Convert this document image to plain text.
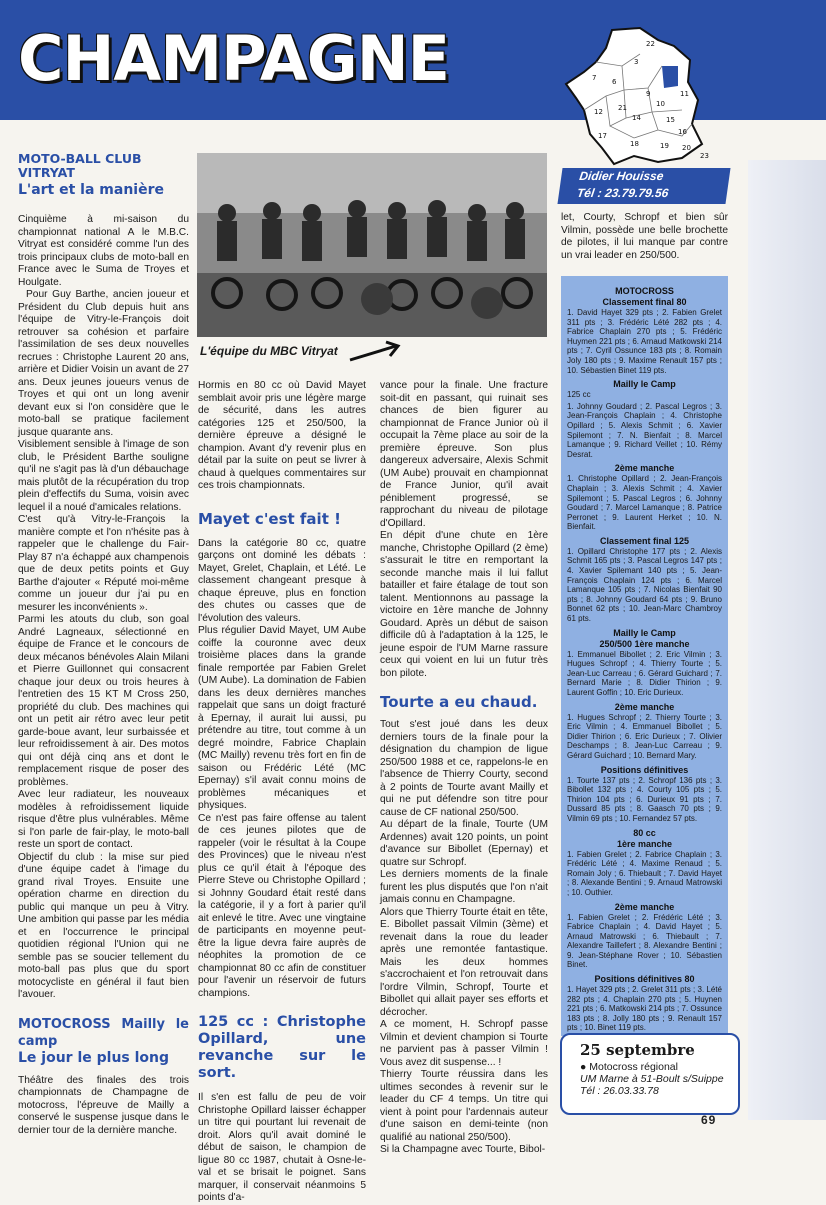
CHAMPAGNE	22
3
7 6
9
10
11
12 21
14	15
16
17
18	19 20
23
Didier Houisse
Tél : 23.79.79.56
MOTO-BALL CLUB
VITRYAT
L'art et la manière

Cinquième à mi-saison du championnat national A le M.B.C. Vitryat est considéré comme l'un des trois principaux clubs de moto-ball en France avec le Suma de Troyes et Houlgate.

Pour Guy Barthe, ancien joueur et Président du Club depuis huit ans l'équipe de Vitry-le-François doit retrouver sa cohésion et parfaire l'assimilation de ses deux nouvelles recrues : Christophe Laurent 20 ans, arrière et Didier Voisin un avant de 27 ans. Deux jeunes joueurs venus de Troyes et qui ont un long avenir devant eux si l'on considère que le moto-ball se pratique facilement jusque quarante ans.

Visiblement sensible à l'image de son club, le Président Barthe souligne qu'il ne s'agit pas là d'un débauchage mais plutôt de la récupération du trop plein d'effectifs du Suma, voisin avec lequel il a noué d'amicales relations.

C'est qu'à Vitry-le-François la manière compte et l'on n'hésite pas à rappeler que le challenge du Fair-Play 87 n'a échappé aux champenois que de deux petits points et Guy Barthe d'ajouter « Réputé moi-même comme un joueur dur j'ai pu en mesurer les inconvénients ».

Parmi les atouts du club, son goal André Lagneaux, sélectionné en équipe de France et le concours de deux mécanos bénévoles Alain Milani et Pierre Guillonnet qui consacrent chaque jour deux ou trois heures à l'entretien des 15 KT M Cross 250, propriété du club. Des machines qui ont un petit air rétro avec leur petit garde-boue avant, leur surbaissée et leur refroidissement à air. Des motos qui ont déjà cinq ans et dont le remplacement risque de poser des problèmes.

Avec leur radiateur, les nouveaux modèles à refroidissement liquide risque d'être plus vulnérables. Même si l'on parle de fair-play, le moto-ball reste un sport de contact.

Objectif du club : la mise sur pied d'une équipe cadet à l'image du grand rival Troyes. Ensuite une opération charme en direction du public qui manque un peu à Vitry. Une ambition qui passe par les média et en l'occurrence le principal quotidien régional l'Union qui ne semble pas se soucier tellement du moto-ball pas plus que du sport motocycliste en général il faut bien l'avouer.

MOTOCROSS Mailly le camp
Le jour le plus long

Théâtre des finales des trois championnats de Champagne de motocross, l'épreuve de Mailly a conservé le suspense jusque dans le dernier tour de la dernière manche.

L'équipe du MBC Vitryat

Hormis en 80 cc où David Mayet semblait avoir pris une légère marge de sécurité, dans les autres catégories 125 et 250/500, la dernière épreuve a désigné le champion. Avant d'y revenir plus en détail par la suite on peut se livrer à chaud à quelques commentaires sur ces trois championnats.

Mayet c'est fait !

Dans la catégorie 80 cc, quatre garçons ont dominé les débats : Mayet, Grelet, Chaplain, et Lété. Le classement changeant presque à chaque épreuve, plus en fonction des chutes ou casses que de l'évolution des valeurs.

Plus régulier David Mayet, UM Aube coiffe la couronne avec deux troisième places dans la grande finale remportée par Fabien Grelet (UM Aube). La domination de Fabien dans les deux dernières manches rappelait que sans un doigt fracturé à Epernay, il aurait lui aussi, pu prétendre au titre, tout comme à un degré moindre, Fabrice Chaplain (MC Mailly) revenu très fort en fin de saison ou Frédéric Lété (MC Epernay) s'il avait connu moins de problèmes mécaniques et physiques.

Ce n'est pas faire offense au talent de ces jeunes pilotes que de rappeler (voir le résultat à la Coupe des Provinces) que le niveau n'est plus ce qu'il était à l'époque des Pierre Steve ou Christophe Opillard ; si Johnny Goudard était resté dans la catégorie, il y a fort à parier qu'il ait enlevé le titre. Avec une vingtaine de participants en moyenne peut-être la ligue devra faire auprès de néophites la promotion de ce championnat 80 cc afin de constituer pour l'avenir un réservoir de futurs champions.

125 cc : Christophe Opillard, une revanche sur le sort.

Il s'en est fallu de peu de voir Christophe Opillard laisser échapper un titre qui pourtant lui revenait de droit. Alors qu'il avait dominé le début de saison, le champion de ligue 80 cc 1987, chutait à Osne-le-val et se brisait le poignet. Sans marquer, il conservait néanmoins 5 points d'a-

vance pour la finale. Une fracture soit-dit en passant, qui ruinait ses chances de bien figurer au championnat de France Junior où il occupait la 7ème place au soir de la première épreuve. Son plus dangereux adversaire, Alexis Schmit (UM Aube) prouvait en championnat de France Junior, qu'il avait péniblement progressé, se rapprochant du niveau de pilotage d'Opillard.

En dépit d'une chute en 1ère manche, Christophe Opillard (2 ème) s'assurait le titre en remportant la seconde manche mais il lui fallut batailler et faire étalage de tout son talent. Mentionnons au passage la victoire en 1ère manche de Johnny Goudard. Après un début de saison difficile dû à l'adaptation à la 125, le jeune espoir de l'UM Marne rassure ceux qui voient en lui un futur très bon pilote.

Tourte a eu chaud.

Tout s'est joué dans les deux derniers tours de la finale pour la désignation du champion de ligue 250/500 1988 et ce, rappelons-le en l'absence de Thierry Courty, second à 2 points de Tourte avant Mailly et qui ne put défendre son titre pour cause de CF national 250/500.

Au départ de la finale, Tourte (UM Ardennes) avait 120 points, un point d'avance sur Bibollet (Epernay) et quatre sur Schropf.

Les derniers moments de la finale furent les plus disputés que l'on n'ait jamais connu en Champagne.

Alors que Thierry Tourte était en tête, E. Bibollet passait Vilmin (3ème) et revenait dans la roue du leader après une remontée fantastique. Mais les deux hommes s'accrochaient et l'on retrouvait dans l'ordre Vilmin, Schropf, Tourte et Bibollet qui allait payer ses efforts et décrocher.

A ce moment, H. Schropf passe Vilmin et devient champion si Tourte ne parvient pas à passer Vilmin ! Vous avez dit suspense... !

Thierry Tourte réussira dans les ultimes secondes à revenir sur le leader du CF 4 temps. Un titre qui vient à point pour l'ardennais auteur d'une saison en demi-teinte (non qualifié au national 250/500).

Si la Champagne avec Tourte, Bibol-

let, Courty, Schropf et bien sûr Vilmin, possède une belle brochette de pilotes, il lui manque par contre un vrai leader en 250/500.

MOTOCROSS
Classement final 80

1. David Hayet 329 pts ; 2. Fabien Grelet 311 pts ; 3. Frédéric Lété 282 pts ; 4. Fabrice Chaplain 270 pts ; 5. Frédéric Huymen 221 pts ; 6. Arnaud Matkowski 214 pts ; 7. Cyril Ossunce 183 pts ; 8. Romain Joly 180 pts ; 9. Maxime Renault 157 pts ; 10. Sébastien Binet 119 pts.

Mailly le Camp

125 cc

1. Johnny Goudard ; 2. Pascal Legros ; 3. Jean-François Chaplain ; 4. Christophe Opillard ; 5. Alexis Schmit ; 6. Xavier Spilemont ; 7. N. Bienfait ; 8. Marcel Lamanque ; 9. Richard Veillet ; 10. Rémy Desrat.

2ème manche

1. Christophe Opillard ; 2. Jean-François Chaplain ; 3. Alexis Schmit ; 4. Xavier Spilemont ; 5. Pascal Legros ; 6. Johnny Goudard ; 7. Marcel Lamanque ; 8. Patrice Perronet ; 9. Laurent Herket ; 10. N. Bienfait.

Classement final 125

1. Opillard Christophe 177 pts ; 2. Alexis Schmit 165 pts ; 3. Pascal Legros 147 pts ; 4. Xavier Spilemant 140 pts ; 5. Jean-François Chaplain 124 pts ; 6. Marcel Lamanque 105 pts ; 7. Nicolas Bienfait 90 pts ; 8. Johnny Goudard 64 pts ; 9. Bruno Bonnet 62 pts ; 10. Jean-Marc Chambroy 61 pts.

Mailly le Camp
250/500 1ère manche

1. Emmanuel Bibollet ; 2. Eric Vilmin ; 3. Hugues Schropf ; 4. Thierry Tourte ; 5. Jean-Luc Carreau ; 6. Gérard Guichard ; 7. Bernard Marie ; 8. Didier Thirion ; 9. Laurent Goffin ; 10. Eric Durieux.

2ème manche

1. Hugues Schropf ; 2. Thierry Tourte ; 3. Eric Vilmin ; 4. Emmanuel Bibollet ; 5. Didier Thirion ; 6. Eric Durieux ; 7. Olivier Deschamps ; 8. Jean-Luc Carreau ; 9. Gérard Guichard ; 10. Bernard Mary.

Positions définitives

1. Tourte 137 pts ; 2. Schropf 136 pts ; 3. Bibollet 132 pts ; 4. Courty 105 pts ; 5. Thirion 104 pts ; 6. Durieux 91 pts ; 7. Dussard 85 pts ; 8. Gaasch 70 pts ; 9. Vilmin 69 pts ; 10. Fernandez 57 pts.

80 cc
1ère manche

1. Fabien Grelet ; 2. Fabrice Chaplain ; 3. Frédéric Lété ; 4. Maxime Renaud ; 5. Romain Joly ; 6. Thiebault ; 7. David Hayet ; 8. Alexande Bentini ; 9. Arnaud Matrowski ; 10. Outhier.

2ème manche

1. Fabien Grelet ; 2. Frédéric Lété ; 3. Fabrice Chaplain ; 4. David Hayet ; 5. Arnaud Matrowski ; 6. Thiebault ; 7. Alexandre Taillefert ; 8. Alexandre Bentini ; 9. Jean-Stéphane Rover ; 10. Sébastien Binet.

Positions définitives 80

1. Hayet 329 pts ; 2. Grelet 311 pts ; 3. Lété 282 pts ; 4. Chaplain 270 pts ; 5. Huynen 221 pts ; 6. Matkowski 214 pts ; 7. Ossunce 183 pts ; 8. Jolly 180 pts ; 9. Renault 157 pts ; 10. Binet 119 pts.

25 septembre
● Motocross régional
UM Marne à 51-Boult s/Suippe
Tél : 26.03.33.78
69
